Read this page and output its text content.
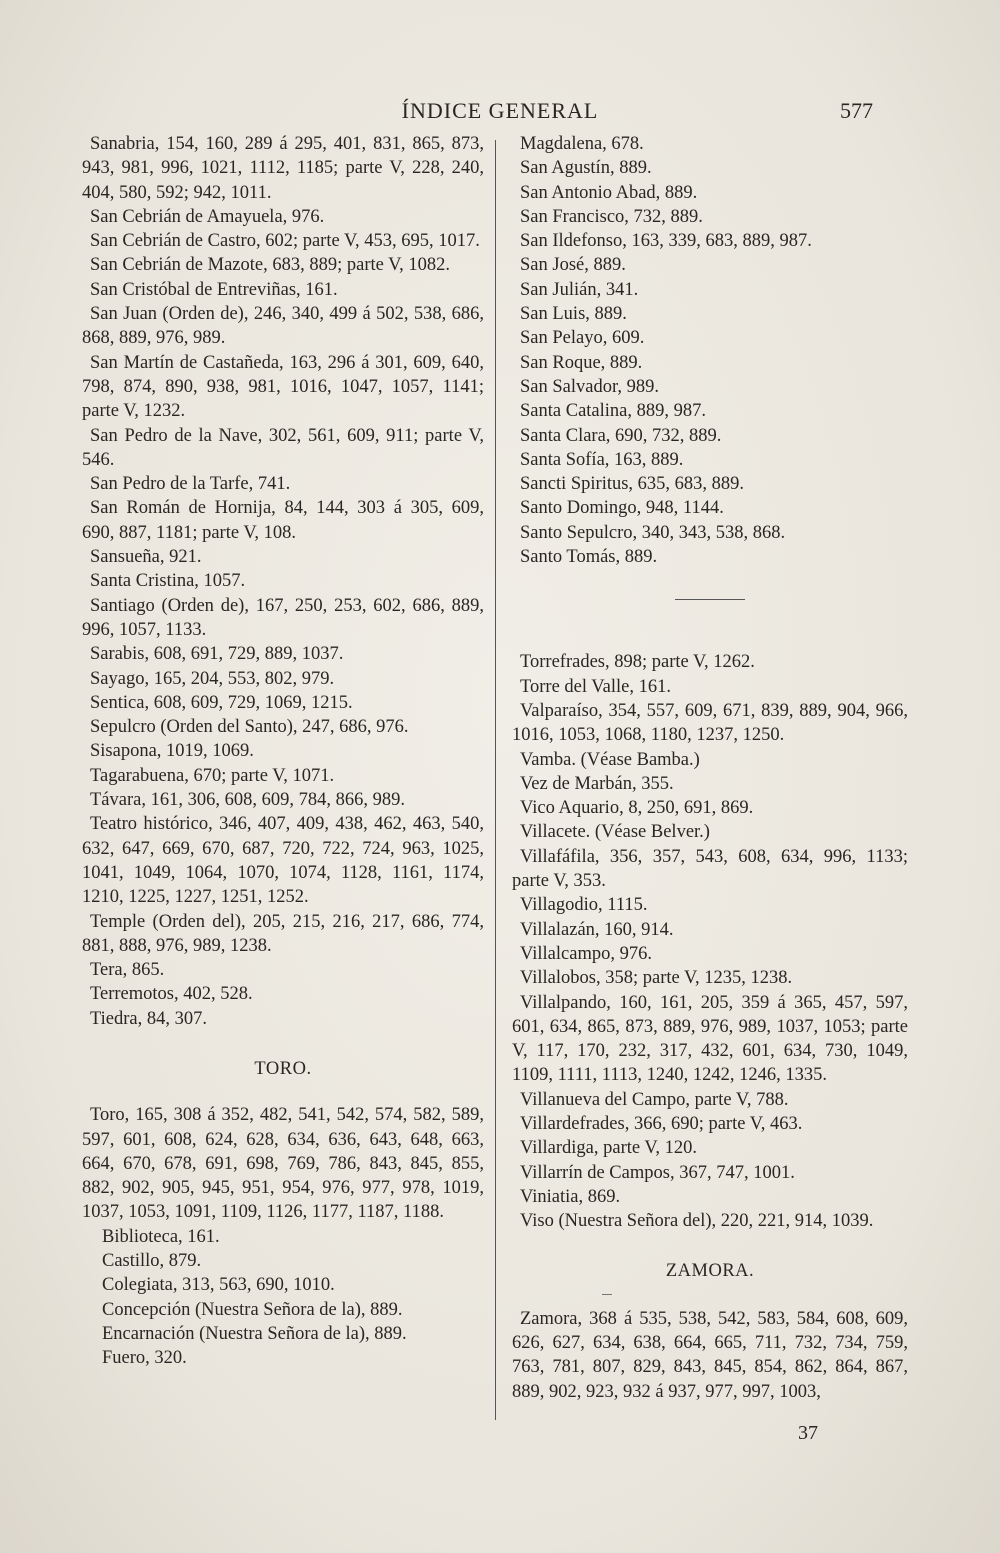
ÍNDICE GENERAL	577

Sanabria, 154, 160, 289 á 295, 401, 831, 865, 873, 943, 981, 996, 1021, 1112, 1185; parte V, 228, 240, 404, 580, 592; 942, 1011.

San Cebrián de Amayuela, 976.

San Cebrián de Castro, 602; parte V, 453, 695, 1017.

San Cebrián de Mazote, 683, 889; parte V, 1082.

San Cristóbal de Entreviñas, 161.

San Juan (Orden de), 246, 340, 499 á 502, 538, 686, 868, 889, 976, 989.

San Martín de Castañeda, 163, 296 á 301, 609, 640, 798, 874, 890, 938, 981, 1016, 1047, 1057, 1141; parte V, 1232.

San Pedro de la Nave, 302, 561, 609, 911; parte V, 546.

San Pedro de la Tarfe, 741.

San Román de Hornija, 84, 144, 303 á 305, 609, 690, 887, 1181; parte V, 108.

Sansueña, 921.

Santa Cristina, 1057.

Santiago (Orden de), 167, 250, 253, 602, 686, 889, 996, 1057, 1133.

Sarabis, 608, 691, 729, 889, 1037.

Sayago, 165, 204, 553, 802, 979.

Sentica, 608, 609, 729, 1069, 1215.

Sepulcro (Orden del Santo), 247, 686, 976.

Sisapona, 1019, 1069.

Tagarabuena, 670; parte V, 1071.

Távara, 161, 306, 608, 609, 784, 866, 989.

Teatro histórico, 346, 407, 409, 438, 462, 463, 540, 632, 647, 669, 670, 687, 720, 722, 724, 963, 1025, 1041, 1049, 1064, 1070, 1074, 1128, 1161, 1174, 1210, 1225, 1227, 1251, 1252.

Temple (Orden del), 205, 215, 216, 217, 686, 774, 881, 888, 976, 989, 1238.

Tera, 865.

Terremotos, 402, 528.

Tiedra, 84, 307.

TORO.

Toro, 165, 308 á 352, 482, 541, 542, 574, 582, 589, 597, 601, 608, 624, 628, 634, 636, 643, 648, 663, 664, 670, 678, 691, 698, 769, 786, 843, 845, 855, 882, 902, 905, 945, 951, 954, 976, 977, 978, 1019, 1037, 1053, 1091, 1109, 1126, 1177, 1187, 1188.

Biblioteca, 161.

Castillo, 879.

Colegiata, 313, 563, 690, 1010.

Concepción (Nuestra Señora de la), 889.

Encarnación (Nuestra Señora de la), 889.

Fuero, 320.

Magdalena, 678.

San Agustín, 889.

San Antonio Abad, 889.

San Francisco, 732, 889.

San Ildefonso, 163, 339, 683, 889, 987.

San José, 889.

San Julián, 341.

San Luis, 889.

San Pelayo, 609.

San Roque, 889.

San Salvador, 989.

Santa Catalina, 889, 987.

Santa Clara, 690, 732, 889.

Santa Sofía, 163, 889.

Sancti Spiritus, 635, 683, 889.

Santo Domingo, 948, 1144.

Santo Sepulcro, 340, 343, 538, 868.

Santo Tomás, 889.

Torrefrades, 898; parte V, 1262.

Torre del Valle, 161.

Valparaíso, 354, 557, 609, 671, 839, 889, 904, 966, 1016, 1053, 1068, 1180, 1237, 1250.

Vamba. (Véase Bamba.)

Vez de Marbán, 355.

Vico Aquario, 8, 250, 691, 869.

Villacete. (Véase Belver.)

Villafáfila, 356, 357, 543, 608, 634, 996, 1133; parte V, 353.

Villagodio, 1115.

Villalazán, 160, 914.

Villalcampo, 976.

Villalobos, 358; parte V, 1235, 1238.

Villalpando, 160, 161, 205, 359 á 365, 457, 597, 601, 634, 865, 873, 889, 976, 989, 1037, 1053; parte V, 117, 170, 232, 317, 432, 601, 634, 730, 1049, 1109, 1111, 1113, 1240, 1242, 1246, 1335.

Villanueva del Campo, parte V, 788.

Villardefrades, 366, 690; parte V, 463.

Villardiga, parte V, 120.

Villarrín de Campos, 367, 747, 1001.

Viniatia, 869.

Viso (Nuestra Señora del), 220, 221, 914, 1039.

ZAMORA.

Zamora, 368 á 535, 538, 542, 583, 584, 608, 609, 626, 627, 634, 638, 664, 665, 711, 732, 734, 759, 763, 781, 807, 829, 843, 845, 854, 862, 864, 867, 889, 902, 923, 932 á 937, 977, 997, 1003,

37
